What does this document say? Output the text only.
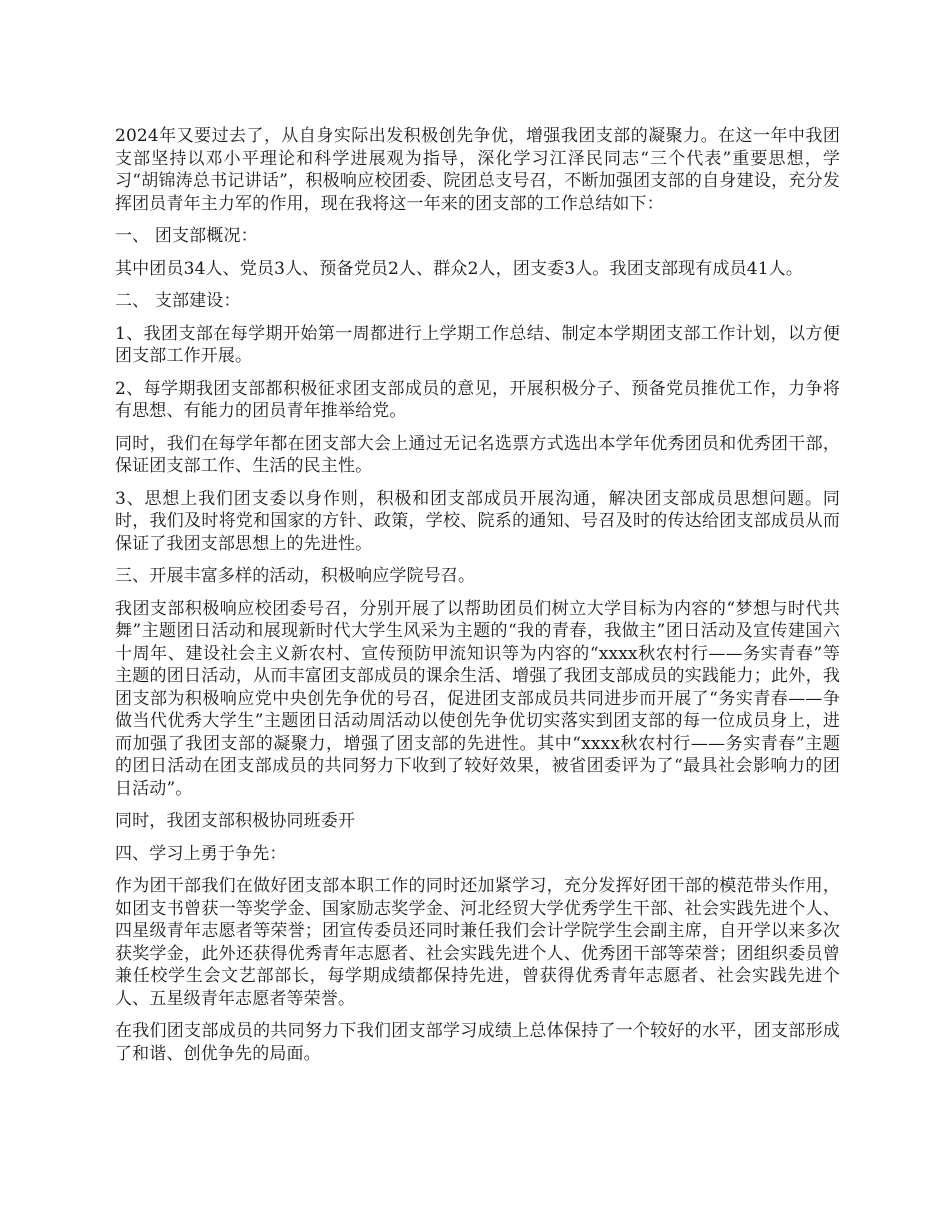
2024年又要过去了，从自身实际出发积极创先争优，增强我团支部的凝聚力。在这一年中我团支部坚持以邓小平理论和科学进展观为指导，深化学习江泽民同志“三个代表”重要思想，学习“胡锦涛总书记讲话”，积极响应校团委、院团总支号召，不断加强团支部的自身建设，充分发挥团员青年主力军的作用，现在我将这一年来的团支部的工作总结如下：

一、 团支部概况：

其中团员34人、党员3人、预备党员2人、群众2人，团支委3人。我团支部现有成员41人。

二、 支部建设：

1、我团支部在每学期开始第一周都进行上学期工作总结、制定本学期团支部工作计划，以方便团支部工作开展。

2、每学期我团支部都积极征求团支部成员的意见，开展积极分子、预备党员推优工作，力争将有思想、有能力的团员青年推举给党。

同时，我们在每学年都在团支部大会上通过无记名选票方式选出本学年优秀团员和优秀团干部，保证团支部工作、生活的民主性。

3、思想上我们团支委以身作则，积极和团支部成员开展沟通，解决团支部成员思想问题。同时，我们及时将党和国家的方针、政策，学校、院系的通知、号召及时的传达给团支部成员从而保证了我团支部思想上的先进性。

三、开展丰富多样的活动，积极响应学院号召。

我团支部积极响应校团委号召，分别开展了以帮助团员们树立大学目标为内容的“梦想与时代共舞”主题团日活动和展现新时代大学生风采为主题的“我的青春，我做主”团日活动及宣传建国六十周年、建设社会主义新农村、宣传预防甲流知识等为内容的“xxxx秋农村行——务实青春”等主题的团日活动，从而丰富团支部成员的课余生活、增强了我团支部成员的实践能力；此外，我团支部为积极响应党中央创先争优的号召，促进团支部成员共同进步而开展了“务实青春——争做当代优秀大学生”主题团日活动周活动以使创先争优切实落实到团支部的每一位成员身上，进而加强了我团支部的凝聚力，增强了团支部的先进性。其中“xxxx秋农村行——务实青春”主题的团日活动在团支部成员的共同努力下收到了较好效果，被省团委评为了“最具社会影响力的团日活动”。

同时，我团支部积极协同班委开

四、学习上勇于争先：

作为团干部我们在做好团支部本职工作的同时还加紧学习，充分发挥好团干部的模范带头作用，如团支书曾获一等奖学金、国家励志奖学金、河北经贸大学优秀学生干部、社会实践先进个人、四星级青年志愿者等荣誉；团宣传委员还同时兼任我们会计学院学生会副主席，自开学以来多次获奖学金，此外还获得优秀青年志愿者、社会实践先进个人、优秀团干部等荣誉；团组织委员曾兼任校学生会文艺部部长，每学期成绩都保持先进，曾获得优秀青年志愿者、社会实践先进个人、五星级青年志愿者等荣誉。

在我们团支部成员的共同努力下我们团支部学习成绩上总体保持了一个较好的水平，团支部形成了和谐、创优争先的局面。
